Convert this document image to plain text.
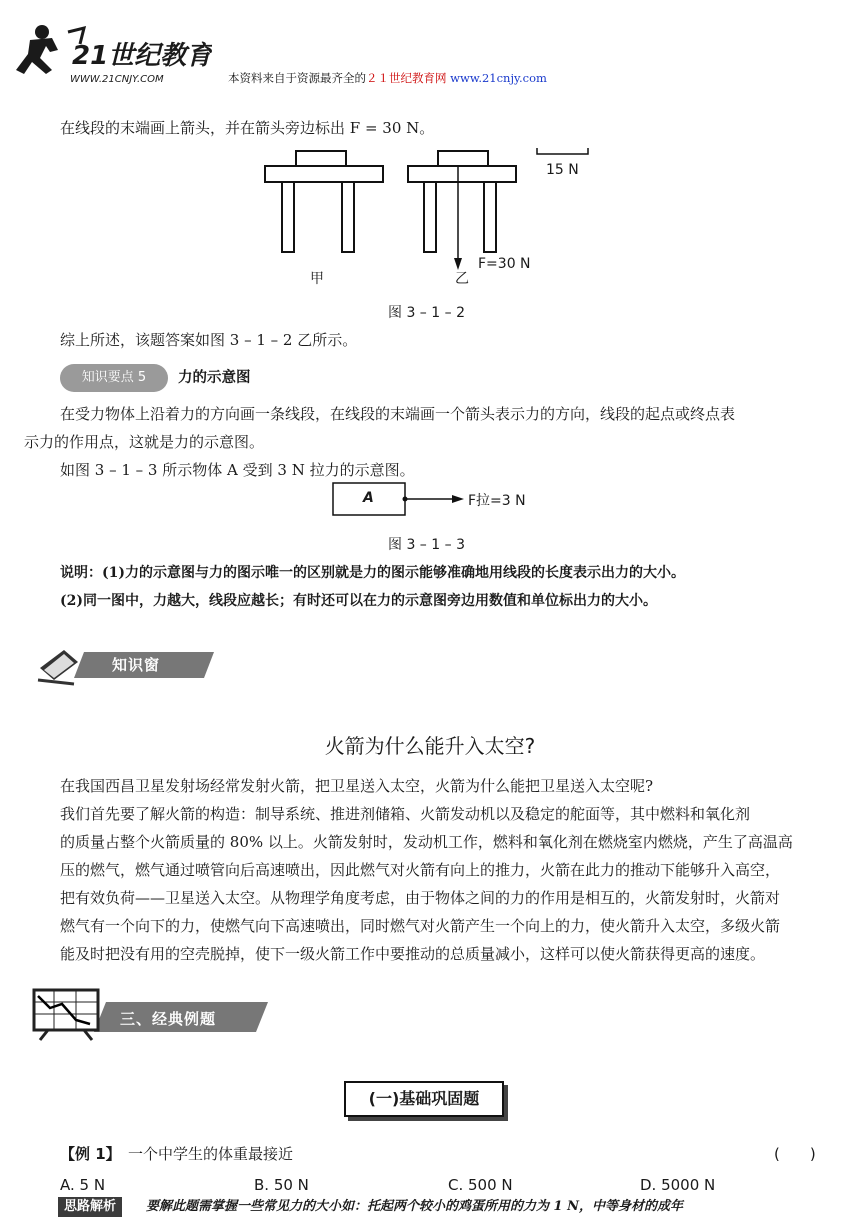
21世纪教育
WWW.21CNJY.COM	本资料来自于资源最齐全的２１世纪教育网 www.21cnjy.com
在线段的末端画上箭头，并在箭头旁边标出 F = 30 N。
15 N
F=30 N
甲	乙
图 3 – 1 – 2
综上所述，该题答案如图 3 – 1 – 2 乙所示。
知识要点 5	力的示意图
在受力物体上沿着力的方向画一条线段，在线段的末端画一个箭头表示力的方向，线段的起点或终点表
示力的作用点，这就是力的示意图。
如图 3 – 1 – 3 所示物体 A 受到 3 N 拉力的示意图。
A	F拉=3 N
图 3 – 1 – 3
说明：(1)力的示意图与力的图示唯一的区别就是力的图示能够准确地用线段的长度表示出力的大小。
(2)同一图中，力越大，线段应越长；有时还可以在力的示意图旁边用数值和单位标出力的大小。
知识窗
火箭为什么能升入太空?
在我国西昌卫星发射场经常发射火箭，把卫星送入太空，火箭为什么能把卫星送入太空呢?
我们首先要了解火箭的构造：制导系统、推进剂储箱、火箭发动机以及稳定的舵面等，其中燃料和氧化剂
的质量占整个火箭质量的 80% 以上。火箭发射时，发动机工作，燃料和氧化剂在燃烧室内燃烧，产生了高温高
压的燃气，燃气通过喷管向后高速喷出，因此燃气对火箭有向上的推力，火箭在此力的推动下能够升入高空，
把有效负荷——卫星送入太空。从物理学角度考虑，由于物体之间的力的作用是相互的，火箭发射时，火箭对
燃气有一个向下的力，使燃气向下高速喷出，同时燃气对火箭产生一个向上的力，使火箭升入太空，多级火箭
能及时把没有用的空壳脱掉，使下一级火箭工作中要推动的总质量减小，这样可以使火箭获得更高的速度。
三、经典例题
(一)基础巩固题
【例 1】 一个中学生的体重最接近	(　　)
A. 5 N	B. 50 N	C. 500 N	D. 5000 N
思路解析	要解此题需掌握一些常见力的大小如：托起两个较小的鸡蛋所用的力为 1 N，中等身材的成年
